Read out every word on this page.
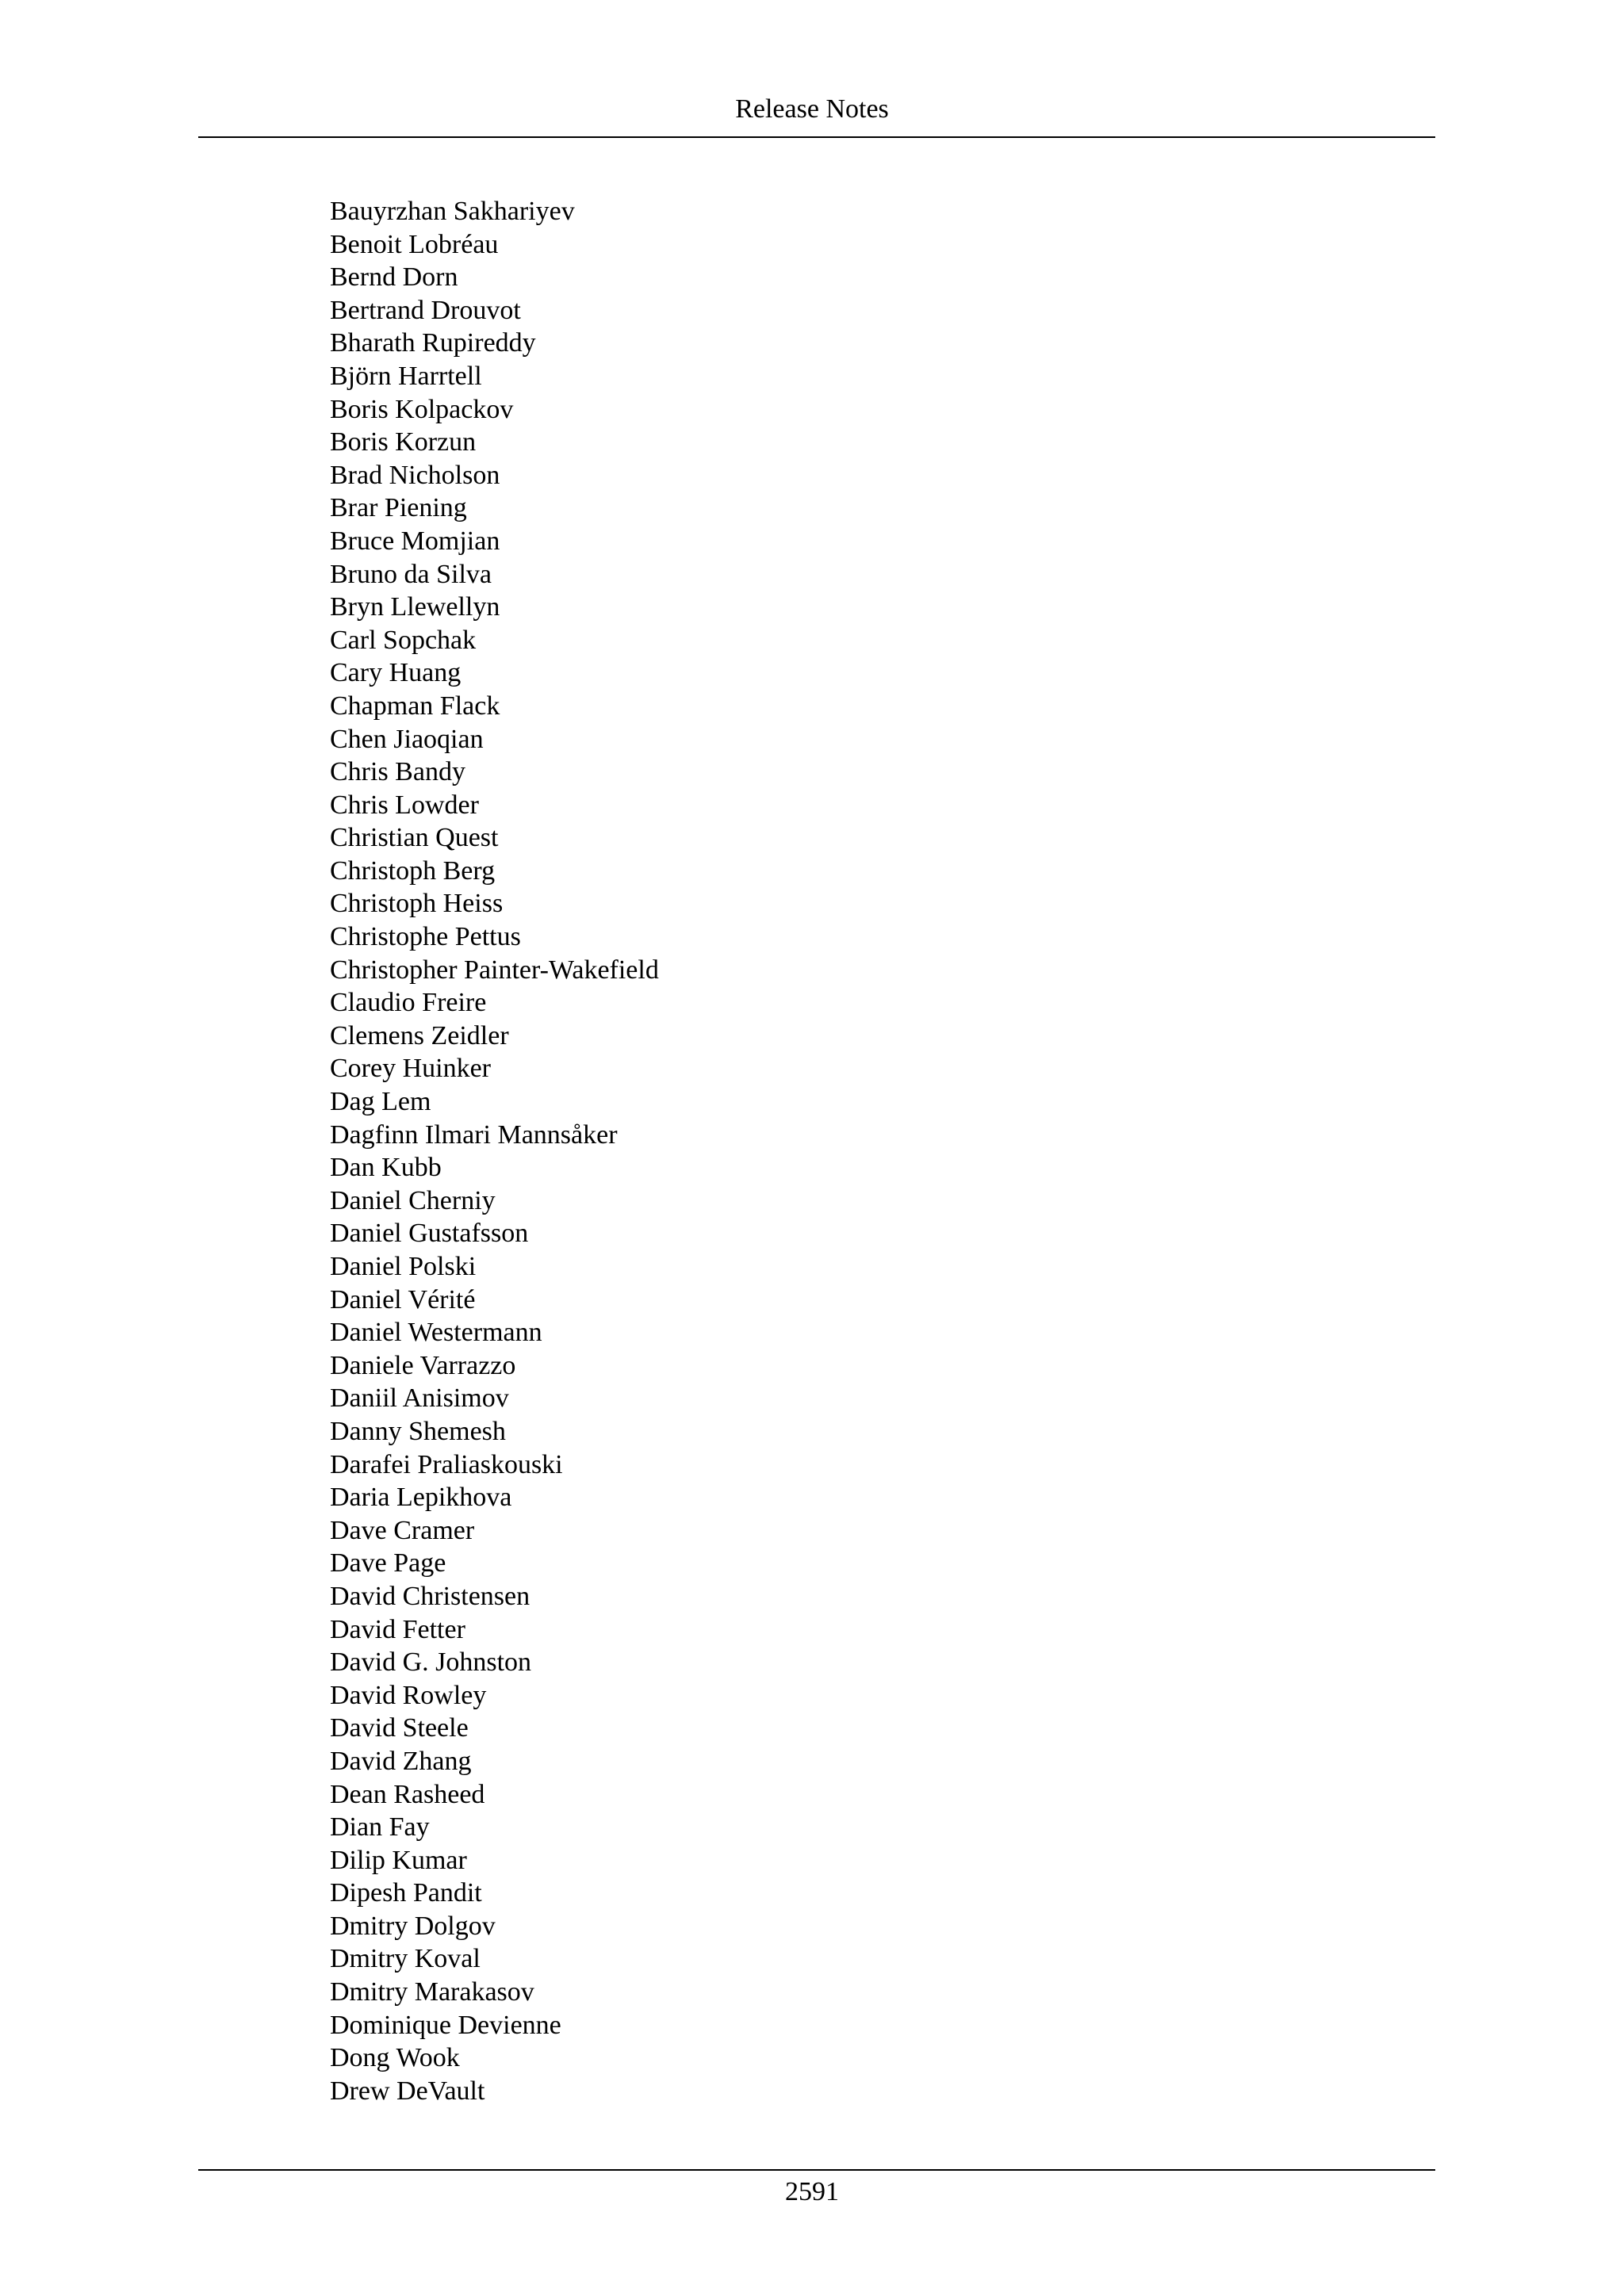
Release Notes
Bauyrzhan Sakhariyev
Benoit Lobréau
Bernd Dorn
Bertrand Drouvot
Bharath Rupireddy
Björn Harrtell
Boris Kolpackov
Boris Korzun
Brad Nicholson
Brar Piening
Bruce Momjian
Bruno da Silva
Bryn Llewellyn
Carl Sopchak
Cary Huang
Chapman Flack
Chen Jiaoqian
Chris Bandy
Chris Lowder
Christian Quest
Christoph Berg
Christoph Heiss
Christophe Pettus
Christopher Painter-Wakefield
Claudio Freire
Clemens Zeidler
Corey Huinker
Dag Lem
Dagfinn Ilmari Mannsåker
Dan Kubb
Daniel Cherniy
Daniel Gustafsson
Daniel Polski
Daniel Vérité
Daniel Westermann
Daniele Varrazzo
Daniil Anisimov
Danny Shemesh
Darafei Praliaskouski
Daria Lepikhova
Dave Cramer
Dave Page
David Christensen
David Fetter
David G. Johnston
David Rowley
David Steele
David Zhang
Dean Rasheed
Dian Fay
Dilip Kumar
Dipesh Pandit
Dmitry Dolgov
Dmitry Koval
Dmitry Marakasov
Dominique Devienne
Dong Wook
Drew DeVault
2591
